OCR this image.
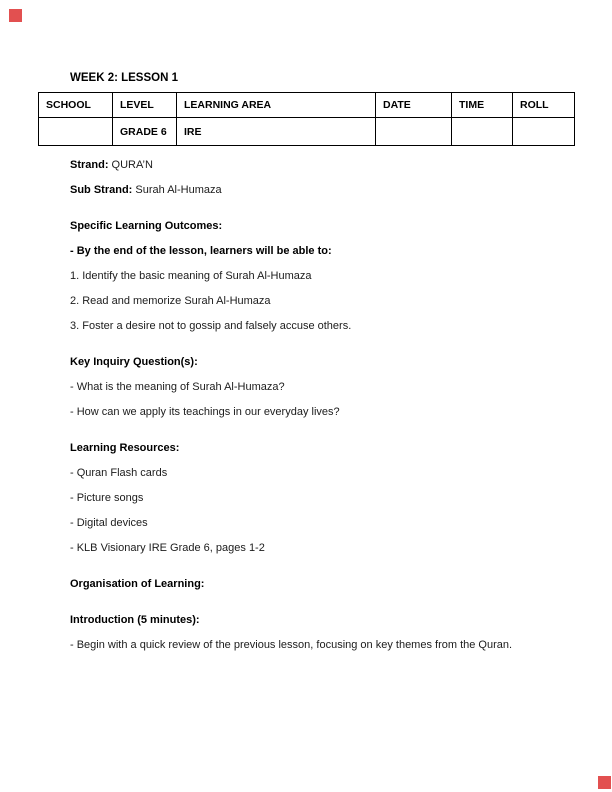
WEEK 2: LESSON 1

SCHOOL	LEVEL	LEARNING AREA	DATE	TIME	ROLL
	GRADE 6	IRE			

Strand: QURA’N

Sub Strand: Surah Al-Humaza

Specific Learning Outcomes:

- By the end of the lesson, learners will be able to:

1. Identify the basic meaning of Surah Al-Humaza

2. Read and memorize Surah Al-Humaza

3. Foster a desire not to gossip and falsely accuse others.

Key Inquiry Question(s):

- What is the meaning of Surah Al-Humaza?

- How can we apply its teachings in our everyday lives?

Learning Resources:

- Quran Flash cards

- Picture songs

- Digital devices

- KLB Visionary IRE Grade 6, pages 1-2

Organisation of Learning:

Introduction (5 minutes):

- Begin with a quick review of the previous lesson, focusing on key themes from the Quran.
